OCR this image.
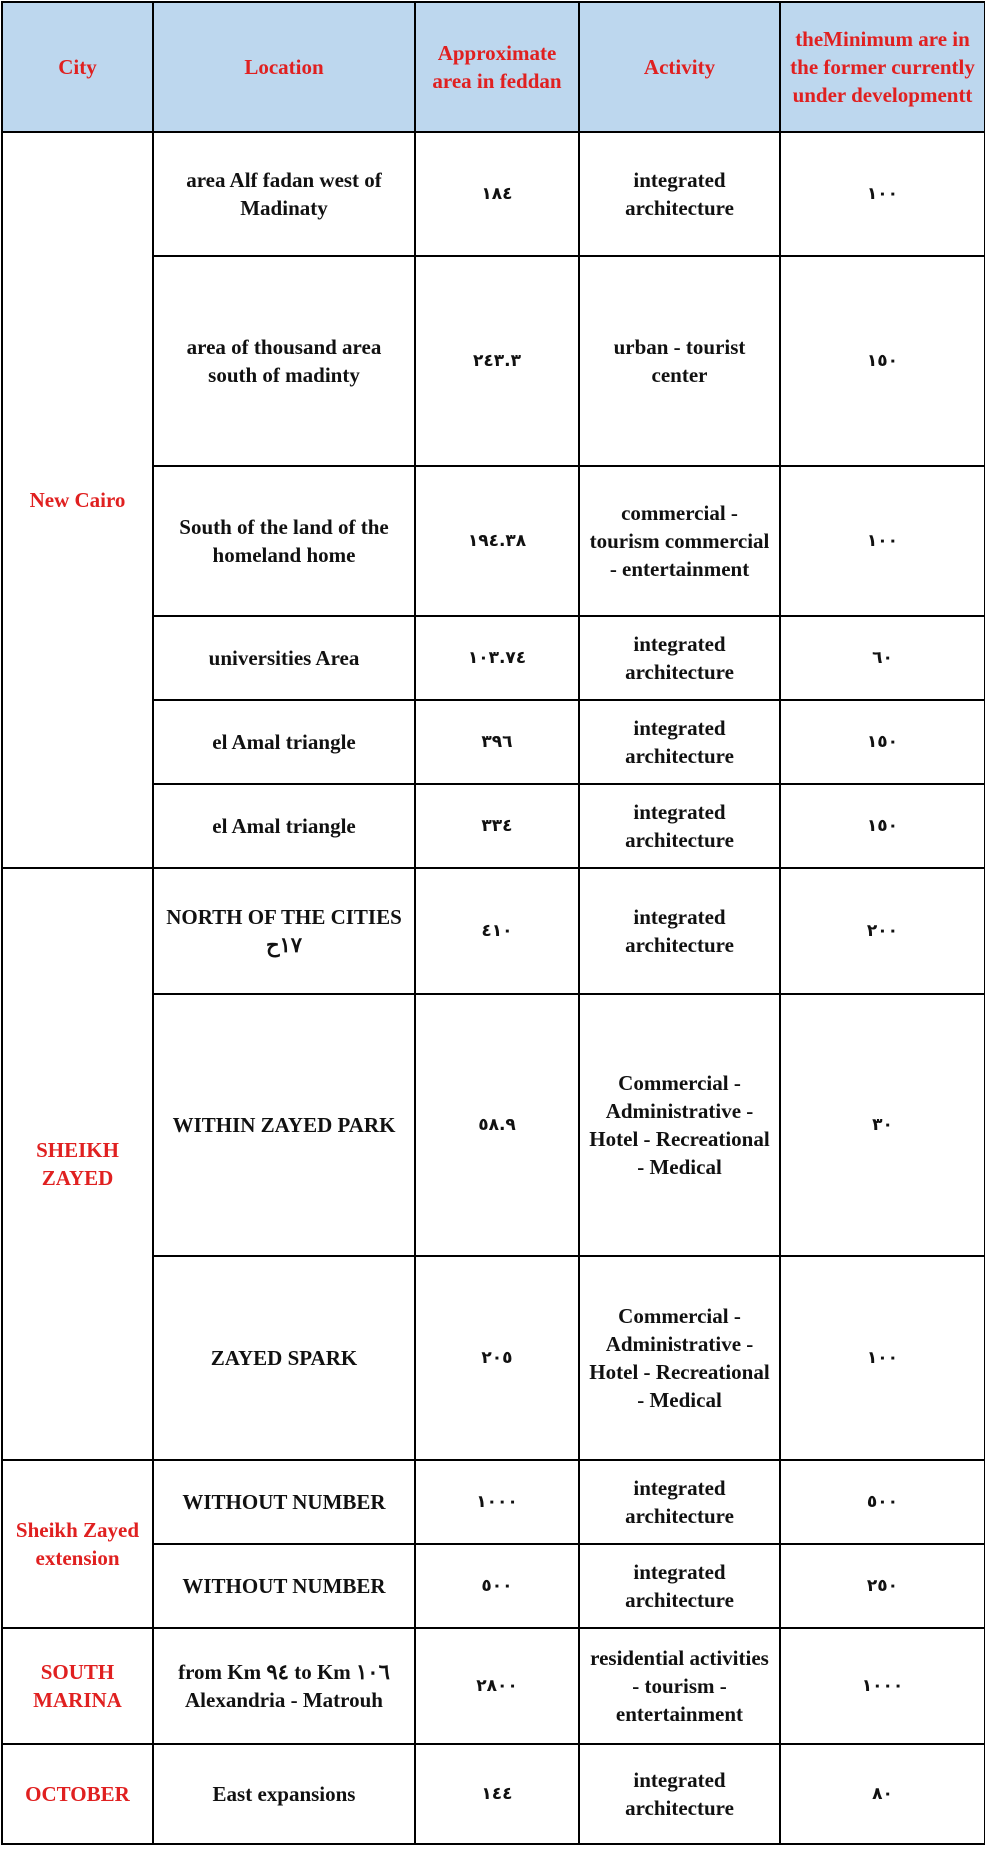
City	Location	Approximate area in feddan	Activity	theMinimum are in the former currently under developmentt
New Cairo	area Alf fadan west of Madinaty	١٨٤	integrated architecture	١٠٠
	area of thousand area south of madinty	٢٤٣.٣	urban - tourist center	١٥٠
	South of the land of the homeland home	١٩٤.٣٨	commercial - tourism commercial - entertainment	١٠٠
	universities Area	١٠٣.٧٤	integrated architecture	٦٠
	el Amal triangle	٣٩٦	integrated architecture	١٥٠
	el Amal triangle	٣٣٤	integrated architecture	١٥٠
SHEIKH ZAYED	NORTH OF THE CITIES ١٧ح	٤١٠	integrated architecture	٢٠٠
	WITHIN ZAYED PARK	٥٨.٩	Commercial - Administrative - Hotel - Recreational - Medical	٣٠
	ZAYED SPARK	٢٠٥	Commercial - Administrative - Hotel - Recreational - Medical	١٠٠
Sheikh Zayed extension	WITHOUT NUMBER	١٠٠٠	integrated architecture	٥٠٠
	WITHOUT NUMBER	٥٠٠	integrated architecture	٢٥٠
SOUTH MARINA	from Km ٩٤ to Km ١٠٦ Alexandria - Matrouh	٢٨٠٠	residential activities - tourism - entertainment	١٠٠٠
OCTOBER	East expansions	١٤٤	integrated architecture	٨٠
